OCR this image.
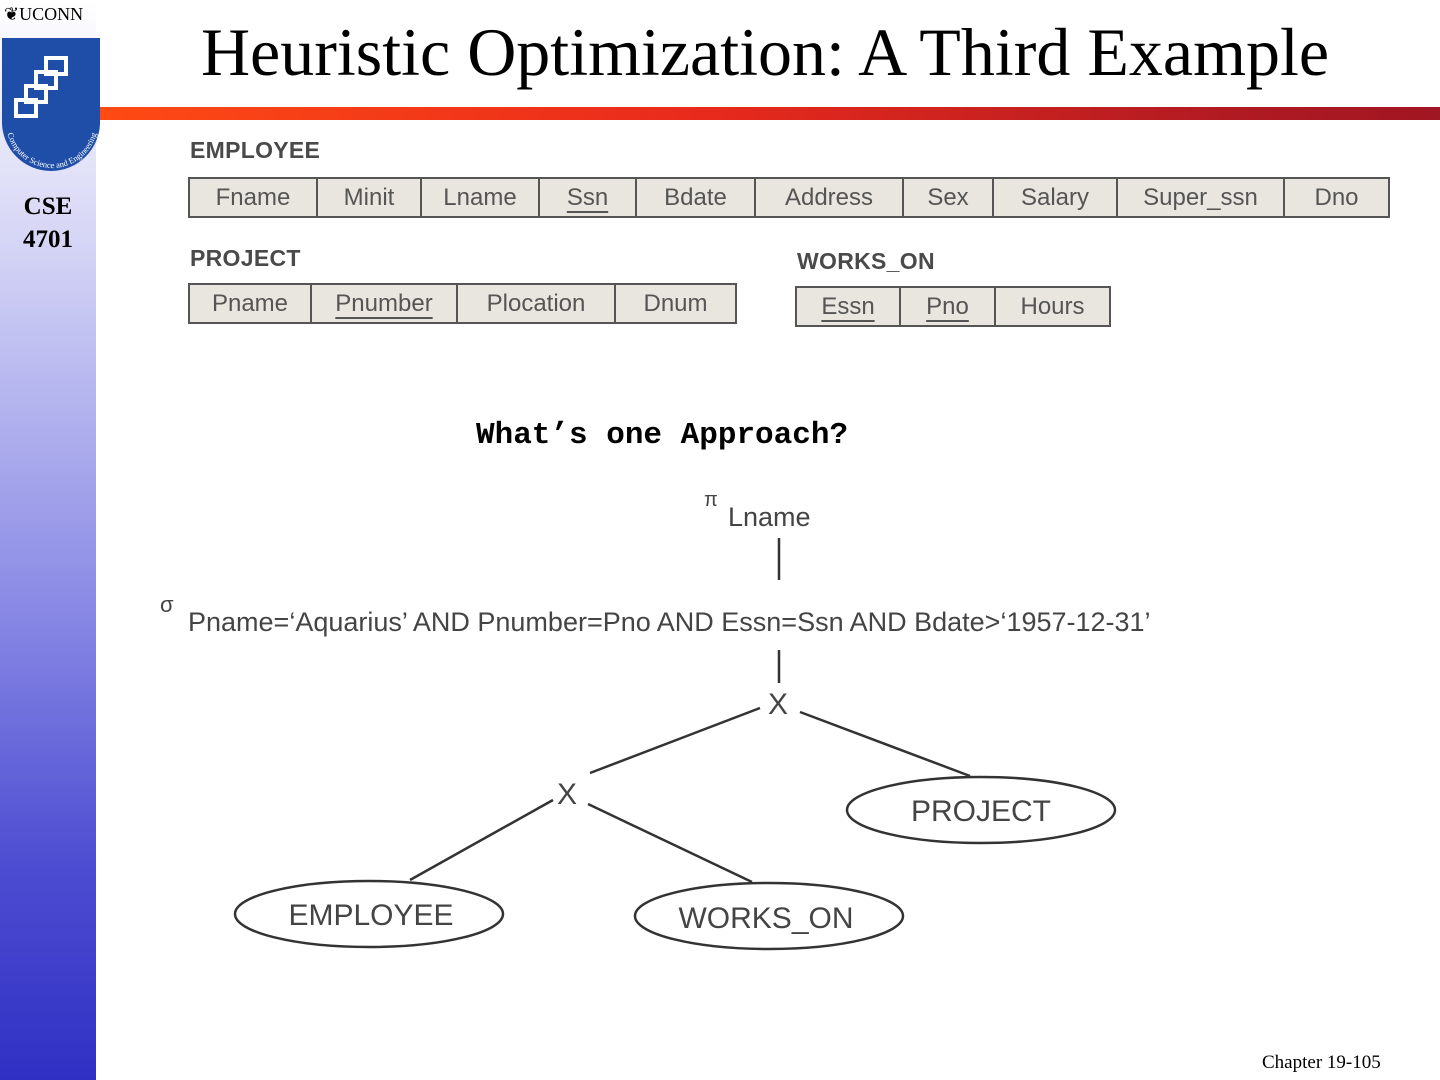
❦UCONN
Computer Science and Engineering
CSE
4701
Heuristic Optimization: A Third Example
EMPLOYEE
Fname Minit Lname Ssn Bdate Address Sex Salary Super_ssn Dno
PROJECT
Pname Pnumber Plocation Dnum
WORKS_ON
Essn Pno Hours
What’s one Approach?
π
Lname
σ
Pname=‘Aquarius’ AND Pnumber=Pno AND Essn=Ssn AND Bdate>‘1957-12-31’
X
X
PROJECT
EMPLOYEE	WORKS_ON
Chapter 19-105
